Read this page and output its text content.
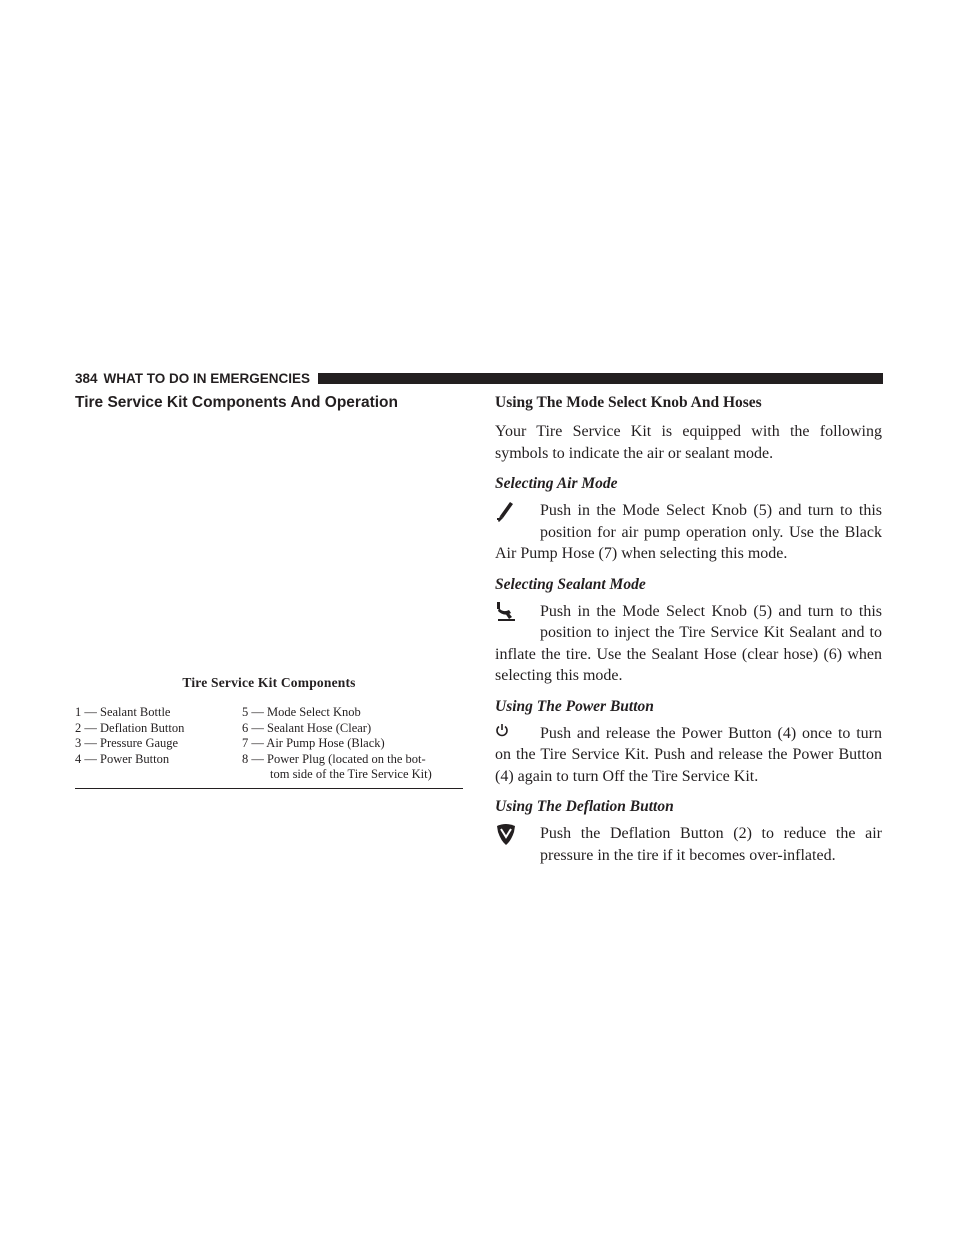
384 WHAT TO DO IN EMERGENCIES
Tire Service Kit Components And Operation
Tire Service Kit Components
1 — Sealant Bottle
2 — Deflation Button
3 — Pressure Gauge
4 — Power Button
5 — Mode Select Knob
6 — Sealant Hose (Clear)
7 — Air Pump Hose (Black)
8 — Power Plug (located on the bot-
tom side of the Tire Service Kit)
Using The Mode Select Knob And Hoses

Your Tire Service Kit is equipped with the following symbols to indicate the air or sealant mode.

Selecting Air Mode
Push in the Mode Select Knob (5) and turn to this position for air pump operation only. Use the Black Air Pump Hose (7) when selecting this mode.
Selecting Sealant Mode
Push in the Mode Select Knob (5) and turn to this position to inject the Tire Service Kit Sealant and to inflate the tire. Use the Sealant Hose (clear hose) (6) when selecting this mode.
Using The Power Button
Push and release the Power Button (4) once to turn on the Tire Service Kit. Push and release the Power Button (4) again to turn Off the Tire Service Kit.
Using The Deflation Button
Push the Deflation Button (2) to reduce the air pressure in the tire if it becomes over-inflated.
